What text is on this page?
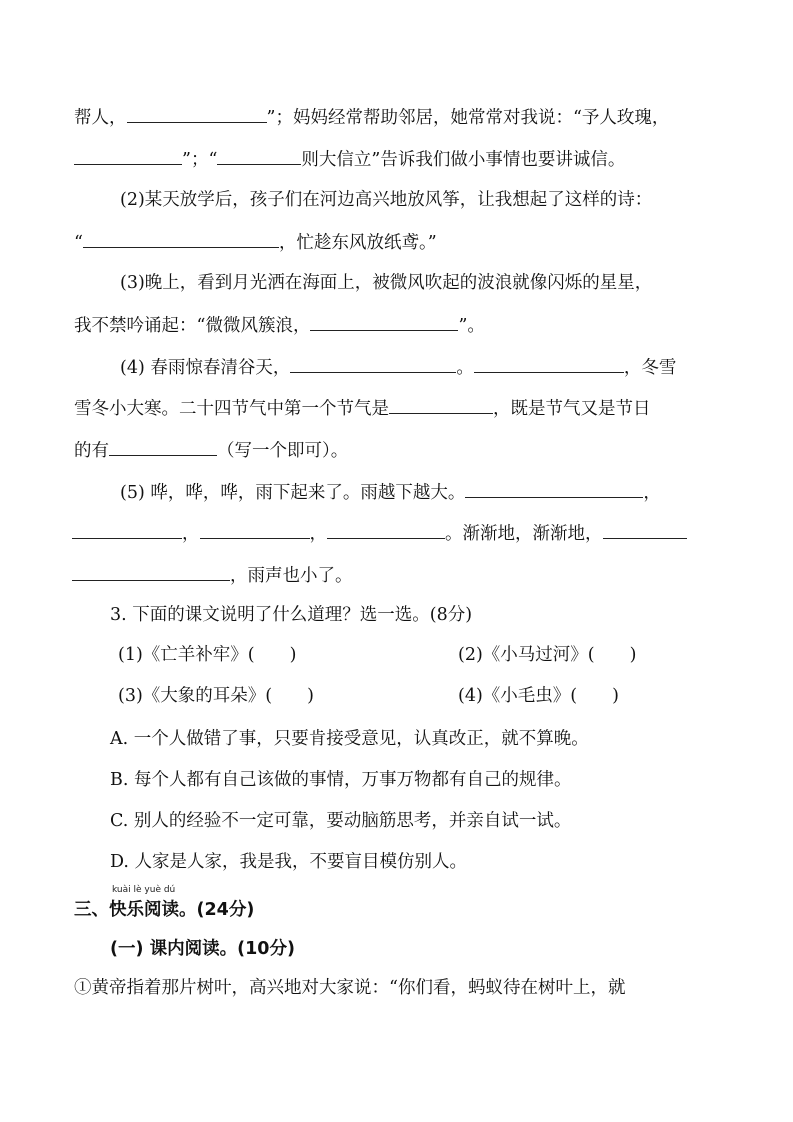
帮人，	”；妈妈经常帮助邻居，她常常对我说：“予人玫瑰，
”；“	则大信立”告诉我们做小事情也要讲诚信。
(2)某天放学后，孩子们在河边高兴地放风筝，让我想起了这样的诗：
“	，忙趁东风放纸鸢。”
(3)晚上，看到月光洒在海面上，被微风吹起的波浪就像闪烁的星星，
我不禁吟诵起：“微微风簇浪，	”。
(4) 春雨惊春清谷天，	。	，冬雪
雪冬小大寒。二十四节气中第一个节气是	，既是节气又是节日
的有	（写一个即可）。
(5) 哗，哗，哗，雨下起来了。雨越下越大。	，
，	，	。渐渐地，渐渐地，
，雨声也小了。
3. 下面的课文说明了什么道理？选一选。(8分)
(1)《亡羊补牢》(　　)	(2)《小马过河》(　　)
(3)《大象的耳朵》(　　)	(4)《小毛虫》(　　)
A. 一个人做错了事，只要肯接受意见，认真改正，就不算晚。
B. 每个人都有自己该做的事情，万事万物都有自己的规律。
C. 别人的经验不一定可靠，要动脑筋思考，并亲自试一试。
D. 人家是人家，我是我，不要盲目模仿别人。
kuài lè yuè dú
三、快乐阅读。(24分)
(一) 课内阅读。(10分)
①黄帝指着那片树叶，高兴地对大家说：“你们看，蚂蚁待在树叶上，就
